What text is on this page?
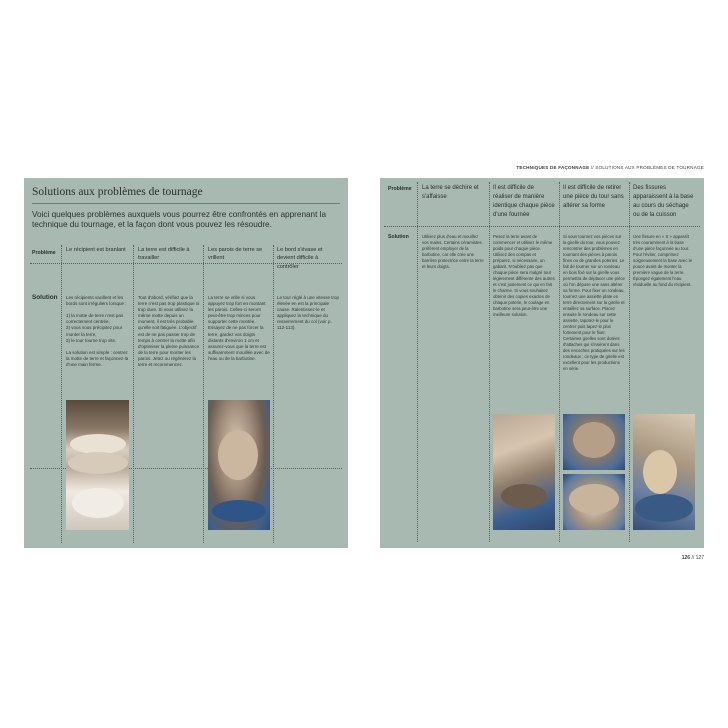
TECHNIQUES DE FAÇONNAGE // SOLUTIONS AUX PROBLÈMES DE TOURNAGE
126 // 127
Solutions aux problèmes de tournage
Voici quelques problèmes auxquels vous pourrez être confrontés en apprenant la technique du tournage, et la façon dont vous pouvez les résoudre.
Problème
Solution
Le récipient est branlant	La terre est difficile à travailler
Les parois de terre se vrillent
Le bord s'évase et devient difficile à contrôler
Les récipients vacillent et les bords sont irréguliers lorsque :

1) la motte de terre n'est pas correctement centrée,
2) vous vous précipitez pour monter la terre,
3) le tour tourne trop vite.

La solution est simple : centrez la motte de terre et façonnez-la d'une main ferme.
Tout d'abord, vérifiez que la terre n'est pas trop plastique ni trop dure. Si vous utilisez la même motte depuis un moment, il est très probable qu'elle soit fatiguée. L'objectif est de ne pas passer trop de temps à centrer la motte afin d'optimiser la pleine puissance de la terre pour monter les parois. Jetez ou régénérez la terre et recommencez.
La terre se vrille si vous appuyez trop fort en montant les parois. Celles-ci seront peut-être trop minces pour supporter cette montée. Essayez de ne pas forcer la terre, gardez vos doigts distants d'environ 1 cm et assurez-vous que la terre est suffisamment mouillée avec de l'eau ou de la barbotine.
Le tour réglé à une vitesse trop élevée en est la principale cause. Ralentissez-le et appliquez la technique du resserrement du col (voir p. 112-113).
Problème
Solution
La terre se déchire et s'affaisse
Il est difficile de réaliser de manière identique chaque pièce d'une fournée
Il est difficile de retirer une pièce du tour sans altérer sa forme
Des fissures apparaissent à la base au cours du séchage ou de la cuisson
Utilisez plus d'eau et mouillez vos mains. Certains céramistes préfèrent employer de la barbotine, car elle crée une barrière protectrice entre la terre et leurs doigts.
Pesez la terre avant de commencer et utilisez le même poids pour chaque pièce. Utilisez des compas et préparez, si nécessaire, un gabarit. N'oubliez pas que chaque pièce sera malgré tout légèrement différente des autres et c'est justement ce qui en fait le charme. Si vous souhaitez obtenir des copies exactes de chaque poterie, le coulage en barbotine sera peut-être une meilleure solution.
Si vous tournez vos pièces sur la girelle du tour, vous pouvez rencontrer des problèmes en tournant des pièces à parois fines ou de grandes poteries. Le fait de tourner sur un rondeau en bois fixé sur la girelle vous permettra de déplacer une pièce où l'on dépose une sans altérer sa forme. Pour fixer un rondeau, tournez une assiette plate en terre directement sur la girelle et entaillez sa surface. Placez ensuite le rondeau sur cette assiette, tapotez-le pour le centrer puis tapez-le plus fortement pour le fixer. Certaines girelles sont dotées d'attaches qui s'insèrent dans des encoches pratiquées sur les rondeaux ; ce type de girelle est excellent pour les productions en série.
Une fissure en « S » apparaît très couramment à la base d'une pièce façonnée au tour. Pour l'éviter, comprimez soigneusement la base avec le pouce avant de monter la première vague de la terre. Épongez également l'eau résiduelle au fond du récipient.
